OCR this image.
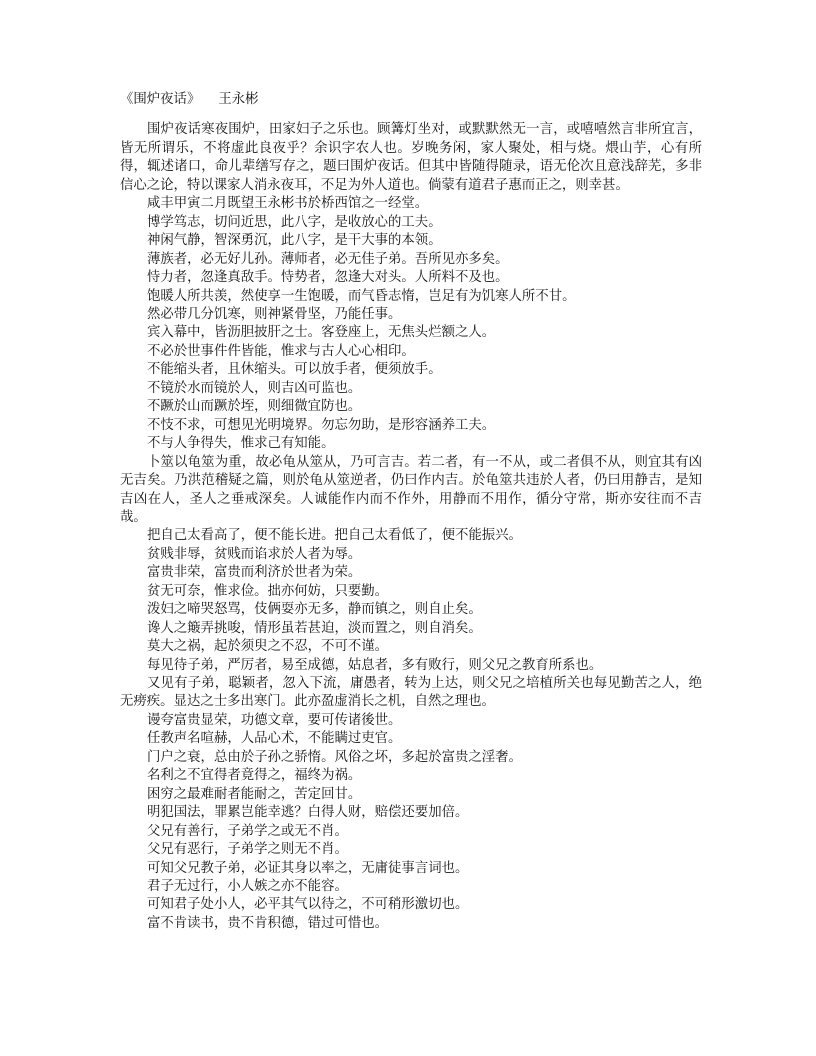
《围炉夜话》 王永彬

围炉夜话寒夜围炉，田家妇子之乐也。顾篝灯坐对，或默默然无一言，或嘻嘻然言非所宜言，皆无所谓乐，不将虚此良夜乎？余识字农人也。岁晚务闲，家人聚处，相与烧。煨山芋，心有所得，辄述诸口，命儿辈缮写存之，题曰围炉夜话。但其中皆随得随录，语无伦次且意浅辞芜，多非信心之论，特以课家人消永夜耳，不足为外人道也。倘蒙有道君子惠而正之，则幸甚。

咸丰甲寅二月既望王永彬书於桥西馆之一经堂。

博学笃志，切问近思，此八字，是收放心的工夫。

神闲气静，智深勇沉，此八字，是干大事的本领。

薄族者，必无好儿孙。薄师者，必无佳子弟。吾所见亦多矣。

恃力者，忽逢真敌手。恃势者，忽逢大对头。人所料不及也。

饱暖人所共羡，然使享一生饱暖，而气昏志惰，岂足有为饥寒人所不甘。

然必带几分饥寒，则神紧骨坚，乃能任事。

宾入幕中，皆沥胆披肝之士。客登座上，无焦头烂额之人。

不必於世事件件皆能，惟求与古人心心相印。

不能缩头者，且休缩头。可以放手者，便须放手。

不镜於水而镜於人，则吉凶可监也。

不蹶於山而蹶於垤，则细微宜防也。

不忮不求，可想见光明境界。勿忘勿助，是形容涵养工夫。

不与人争得失，惟求己有知能。

卜筮以龟筮为重，故必龟从筮从，乃可言吉。若二者，有一不从，或二者俱不从，则宜其有凶无吉矣。乃洪范稽疑之篇，则於龟从筮逆者，仍曰作内吉。於龟筮共违於人者，仍曰用静吉，是知吉凶在人，圣人之垂戒深矣。人诚能作内而不作外，用静而不用作，循分守常，斯亦安往而不吉哉。

把自己太看高了，便不能长进。把自己太看低了，便不能振兴。

贫贱非辱，贫贱而谄求於人者为辱。

富贵非荣，富贵而利济於世者为荣。

贫无可奈，惟求俭。拙亦何妨，只要勤。

泼妇之啼哭怒骂，伎俩耍亦无多，静而镇之，则自止矣。

谗人之簸弄挑唆，情形虽若甚迫，淡而置之，则自消矣。

莫大之祸，起於须臾之不忍，不可不谨。

每见待子弟，严厉者，易至成德，姑息者，多有败行，则父兄之教育所系也。

又见有子弟，聪颖者，忽入下流，庸愚者，转为上达，则父兄之培植所关也每见勤苦之人，绝无痨疾。显达之士多出寒门。此亦盈虚消长之机，自然之理也。

谩夸富贵显荣，功德文章，要可传诸後世。

任教声名喧赫，人品心术，不能瞒过吏官。

门户之衰，总由於子孙之骄惰。风俗之坏，多起於富贵之淫奢。

名利之不宜得者竟得之，福终为祸。

困穷之最难耐者能耐之，苦定回甘。

明犯国法，罪累岂能幸逃？白得人财，赔偿还要加倍。

父兄有善行，子弟学之或无不肖。

父兄有恶行，子弟学之则无不肖。

可知父兄教子弟，必证其身以率之，无庸徒事言词也。

君子无过行，小人嫉之亦不能容。

可知君子处小人，必平其气以待之，不可稍形激切也。

富不肯读书，贵不肯积德，错过可惜也。
